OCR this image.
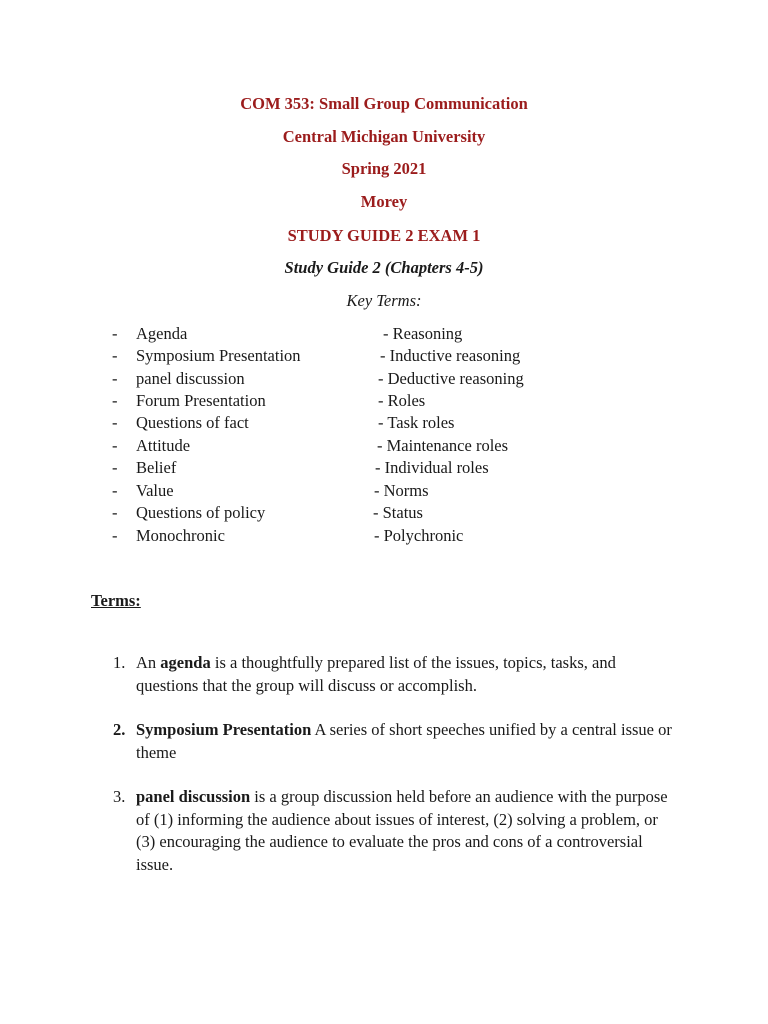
COM 353: Small Group Communication
Central Michigan University
Spring 2021
Morey
STUDY GUIDE 2 EXAM 1
Study Guide 2 (Chapters 4-5)
Key Terms:
- Agenda	- Reasoning
- Symposium Presentation	- Inductive reasoning
- panel discussion	- Deductive reasoning
- Forum Presentation	- Roles
- Questions of fact	- Task roles
- Attitude	- Maintenance roles
- Belief	- Individual roles
- Value	- Norms
- Questions of policy	- Status
- Monochronic	- Polychronic
Terms:
1. An agenda is a thoughtfully prepared list of the issues, topics, tasks, and questions that the group will discuss or accomplish.
2. Symposium Presentation A series of short speeches unified by a central issue or theme
3. panel discussion is a group discussion held before an audience with the purpose of (1) informing the audience about issues of interest, (2) solving a problem, or (3) encouraging the audience to evaluate the pros and cons of a controversial issue.
